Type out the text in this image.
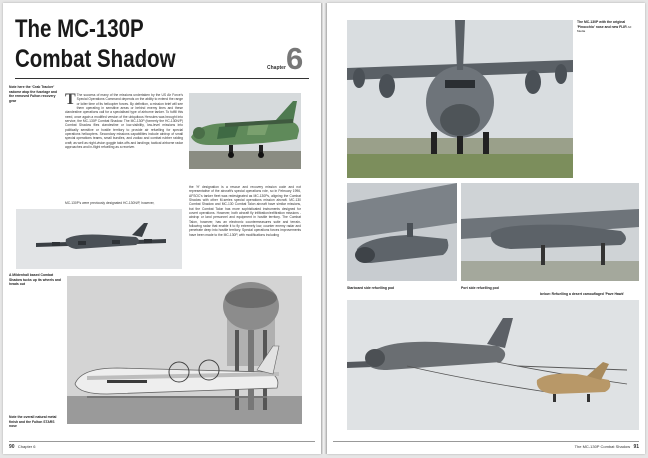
The MC-130P
Combat Shadow	Chapter 6
Note here the ‘Crab Tracker’ radome atop the fuselage and the removed Fulton recovery gear	T The success of many of the missions undertaken by the US Air Force's Special Operations Command depends on the ability to extend the range or loiter time of its helicopter forces. By definition, a mission brief will see them operating in sensitive areas or behind enemy lines and these clandestine operations call for a specialised type of airborne tanker. To fulfill this need, once again a modified version of the ubiquitous Hercules was brought into service, the MC-130P Combat Shadow. The MC-130P (formerly the HC-130N/P) Combat Shadow flies clandestine or low-visibility, low-level missions into politically sensitive or hostile territory to provide air refuelling for special operations helicopters. Secondary missions capabilities include airdrop of small special operations teams, small bundles, and zodiac and combat rubber raiding craft; as well as night-vision goggle take-offs and landings; tactical airborne radar approaches and in-flight refuelling as a receiver.
MC-130P's were previously designated HC-130N/P, however,
the 'H' designation is a rescue and recovery mission code and not representative of the aircraft's special operations role, so in February 1996, AFSOC's tanker fleet was redesignated as MC-130Ps, aligning the Combat Shadow with other M-series special operations mission aircraft. MC-130 Combat Shadow and MC-130 Combat Talon aircraft have similar missions, but the Combat Talon has more sophisticated instruments designed for covert operations. However, both aircraft fly infiltration/exfiltration missions - airdrop or land personnel and equipment in hostile territory. The Combat Talon, however, has an electronic countermeasures suite and terrain-following radar that enable it to fly extremely low, counter enemy radar and penetrate deep into hostile territory. Special operations forces improvements have been made to the MC-130P, with modifications including
A Mildenhall based Combat Shadow tucks up its wheels and heads out
Note the overall natural metal finish and the Fulton STARS nose
90 Chapter 6
The MC-130P with the original 'Pinocchio' nose and new FLIR AF Media
Starboard side refuelling pod	Port side refuelling pod
below: Refuelling a desert camouflaged 'Pave Hawk'
The MC-130P Combat Shadow 91
